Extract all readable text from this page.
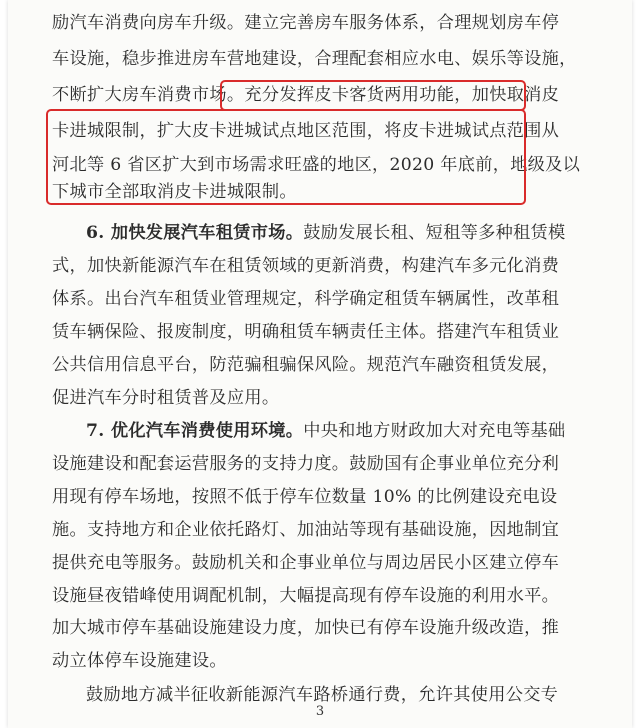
励汽车消费向房车升级。建立完善房车服务体系，合理规划房车停
车设施，稳步推进房车营地建设，合理配套相应水电、娱乐等设施，
不断扩大房车消费市场。充分发挥皮卡客货两用功能，加快取消皮
卡进城限制，扩大皮卡进城试点地区范围，将皮卡进城试点范围从
河北等 6 省区扩大到市场需求旺盛的地区，2020 年底前，地级及以
下城市全部取消皮卡进城限制。
6. 加快发展汽车租赁市场。鼓励发展长租、短租等多种租赁模
式，加快新能源汽车在租赁领域的更新消费，构建汽车多元化消费
体系。出台汽车租赁业管理规定，科学确定租赁车辆属性，改革租
赁车辆保险、报废制度，明确租赁车辆责任主体。搭建汽车租赁业
公共信用信息平台，防范骗租骗保风险。规范汽车融资租赁发展，
促进汽车分时租赁普及应用。
7. 优化汽车消费使用环境。中央和地方财政加大对充电等基础
设施建设和配套运营服务的支持力度。鼓励国有企事业单位充分利
用现有停车场地，按照不低于停车位数量 10% 的比例建设充电设
施。支持地方和企业依托路灯、加油站等现有基础设施，因地制宜
提供充电等服务。鼓励机关和企事业单位与周边居民小区建立停车
设施昼夜错峰使用调配机制，大幅提高现有停车设施的利用水平。
加大城市停车基础设施建设力度，加快已有停车设施升级改造，推
动立体停车设施建设。
鼓励地方减半征收新能源汽车路桥通行费，允许其使用公交专
3
